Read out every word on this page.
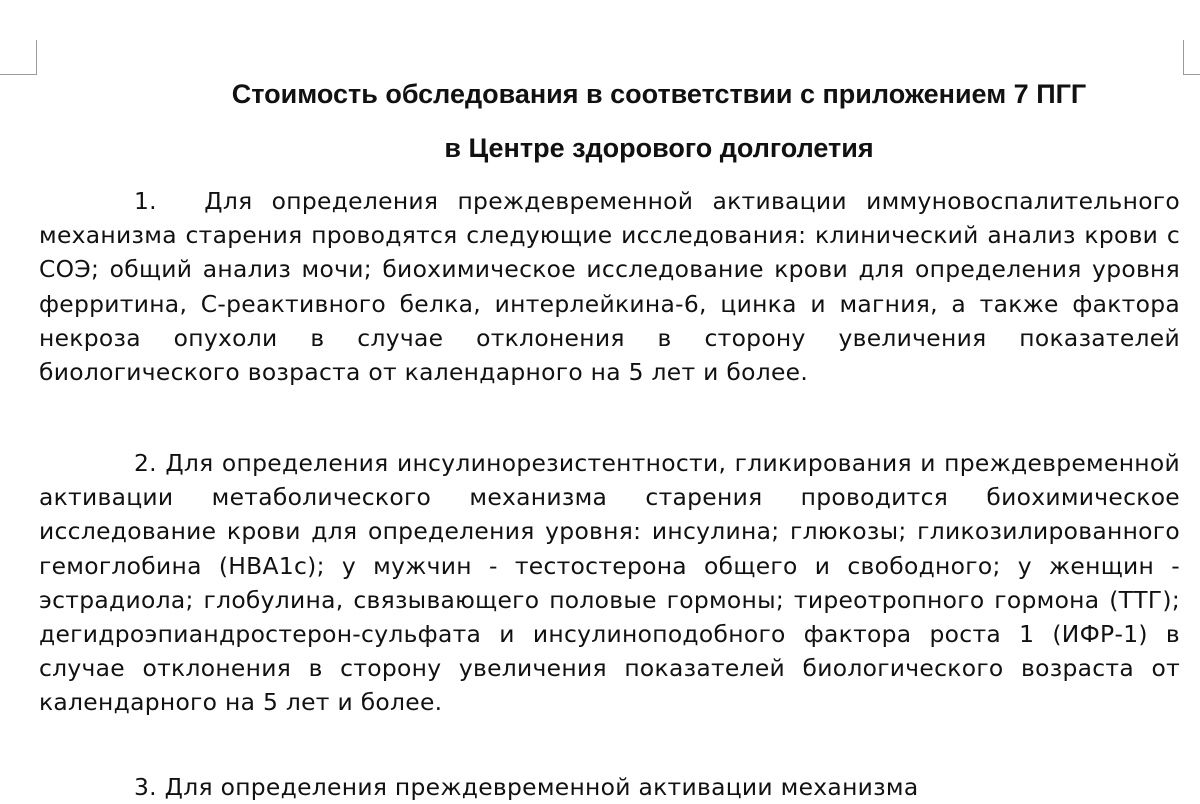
Стоимость обследования в соответствии с приложением 7 ПГГ
в Центре здорового долголетия

1.  Для определения преждевременной активации иммуновоспалительного механизма старения проводятся следующие исследования: клинический анализ крови с СОЭ; общий анализ мочи; биохимическое исследование крови для определения уровня ферритина, С-реактивного белка, интерлейкина-6, цинка и магния, а также фактора некроза опухоли в случае отклонения в сторону увеличения показателей биологического возраста от календарного на 5 лет и более.

2. Для определения инсулинорезистентности, гликирования и преждевременной активации метаболического механизма старения проводится биохимическое исследование крови для определения уровня: инсулина; глюкозы; гликозилированного гемоглобина (HBA1c); у мужчин - тестостерона общего и свободного; у женщин - эстрадиола; глобулина, связывающего половые гормоны; тиреотропного гормона (ТТГ); дегидроэпиандростерон-сульфата и инсулиноподобного фактора роста 1 (ИФР-1) в случае отклонения в сторону увеличения показателей биологического возраста от календарного на 5 лет и более.

3. Для определения преждевременной активации механизма
